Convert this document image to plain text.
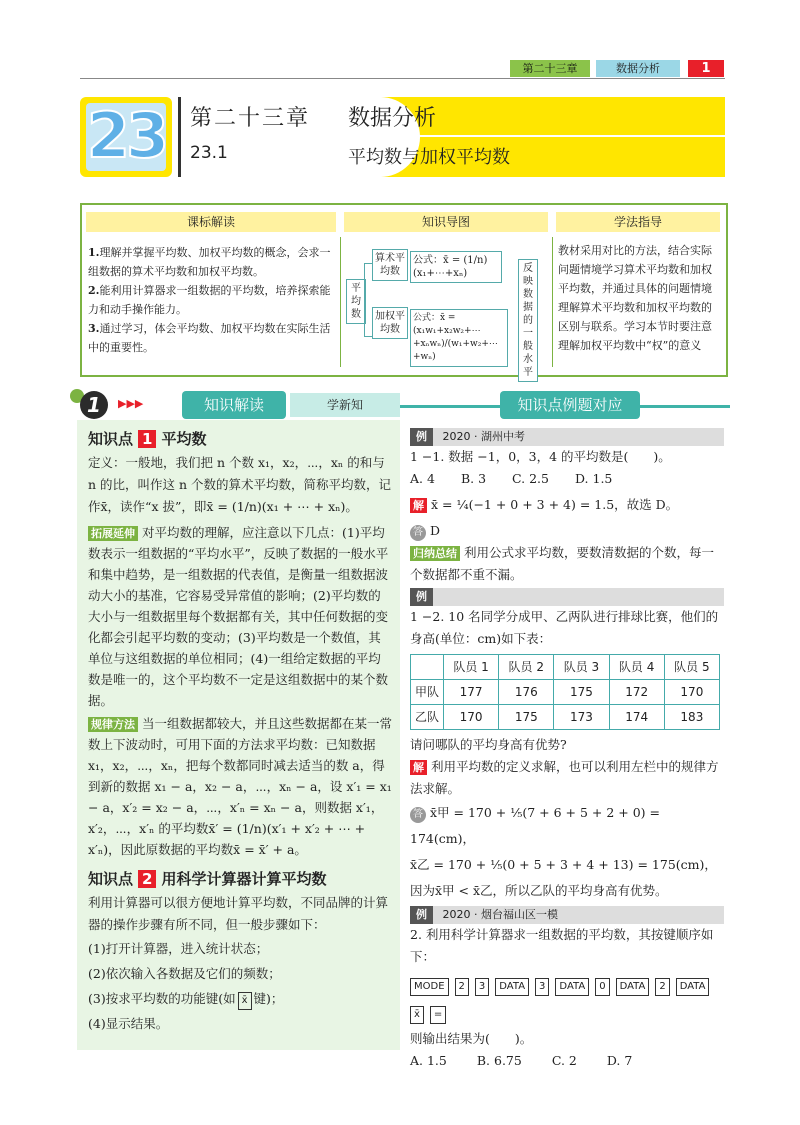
第二十三章	数据分析	1
23 第二十三章 数据分析
23.1	平均数与加权平均数
课标解读	知识导图	学法指导
1.理解并掌握平均数、加权平均数的概念，会求一组数据的算术平均数和加权平均数。
2.能利用计算器求一组数据的平均数，培养探索能力和动手操作能力。
3.通过学习，体会平均数、加权平均数在实际生活中的重要性。
平均数
算术平均数
加权平均数
公式：x̄ = (1/n)(x₁+⋯+xₙ)
公式：x̄ = (x₁w₁+x₂w₂+⋯+xₙwₙ)/(w₁+w₂+⋯+wₙ)
反映数据的一般水平
教材采用对比的方法，结合实际问题情境学习算术平均数和加权平均数，并通过具体的问题情境理解算术平均数和加权平均数的区别与联系。学习本节时要注意理解加权平均数中“权”的意义
1	▶▶▶	知识解读	学新知	知识点例题对应
知识点 1 平均数
定义：一般地，我们把 n 个数 x₁，x₂，⋯，xₙ 的和与 n 的比，叫作这 n 个数的算术平均数，简称平均数，记作x̄，读作“x 拔”，即x̄ = (1/n)(x₁ + ⋯ + xₙ)。
拓展延伸 对平均数的理解，应注意以下几点：(1)平均数表示一组数据的“平均水平”，反映了数据的一般水平和集中趋势，是一组数据的代表值，是衡量一组数据波动大小的基准，它容易受异常值的影响；(2)平均数的大小与一组数据里每个数据都有关，其中任何数据的变化都会引起平均数的变动；(3)平均数是一个数值，其单位与这组数据的单位相同；(4)一组给定数据的平均数是唯一的，这个平均数不一定是这组数据中的某个数据。
规律方法 当一组数据都较大，并且这些数据都在某一常数上下波动时，可用下面的方法求平均数：已知数据 x₁，x₂，⋯，xₙ，把每个数都同时减去适当的数 a，得到新的数据 x₁ − a，x₂ − a，⋯，xₙ − a，设 x′₁ = x₁ − a，x′₂ = x₂ − a，⋯，x′ₙ = xₙ − a，则数据 x′₁，x′₂，⋯，x′ₙ 的平均数x̄′ = (1/n)(x′₁ + x′₂ + ⋯ + x′ₙ)，因此原数据的平均数x̄ = x̄′ + a。
知识点 2 用科学计算器计算平均数
利用计算器可以很方便地计算平均数，不同品牌的计算器的操作步骤有所不同，但一般步骤如下：
(1)打开计算器，进入统计状态；
(2)依次输入各数据及它们的频数；
(3)按求平均数的功能键(如 x̄ 键)；
(4)显示结果。
例 2020 · 湖州中考
1 −1. 数据 −1，0，3，4 的平均数是(　　)。
A. 4 B. 3 C. 2.5 D. 1.5
解 x̄ = ¼(−1 + 0 + 3 + 4) = 1.5，故选 D。
答 D
归纳总结 利用公式求平均数，要数清数据的个数，每一个数据都不重不漏。
例
1 −2. 10 名同学分成甲、乙两队进行排球比赛，他们的身高(单位：cm)如下表：
	队员 1	队员 2	队员 3	队员 4	队员 5
甲队	177	176	175	172	170
乙队	170	175	173	174	183
请问哪队的平均身高有优势?
解 利用平均数的定义求解，也可以利用左栏中的规律方法求解。
答 x̄甲 = 170 + ⅕(7 + 6 + 5 + 2 + 0) = 174(cm)，
x̄乙 = 170 + ⅕(0 + 5 + 3 + 4 + 13) = 175(cm)，
因为x̄甲 < x̄乙，所以乙队的平均身高有优势。
例 2020 · 烟台福山区一模
2. 利用科学计算器求一组数据的平均数，其按键顺序如下：
MODE 2 3 DATA 3 DATA 0 DATA 2 DATA
x̄ =
则输出结果为(　　)。
A. 1.5 B. 6.75 C. 2 D. 7
